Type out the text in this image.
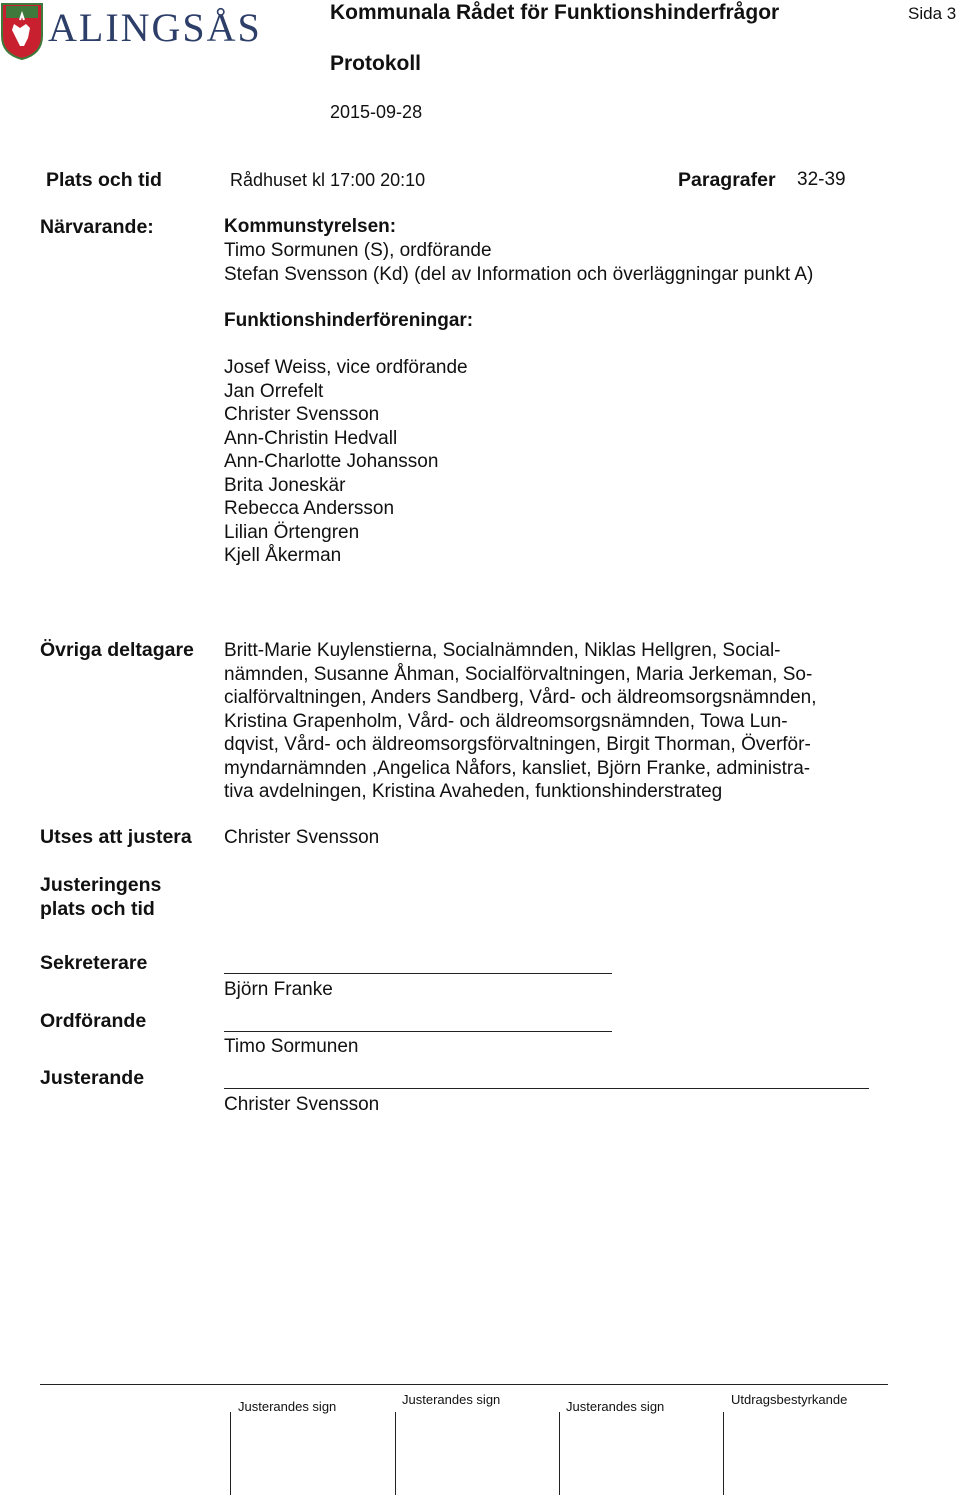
ALINGSÅS	Kommunala Rådet för Funktionshinderfrågor	Sida 3
Protokoll
2015-09-28
Plats och tid	Rådhuset kl 17:00 20:10	Paragrafer 32-39
Närvarande:	Kommunstyrelsen:
Timo Sormunen (S), ordförande
Stefan Svensson (Kd) (del av Information och överläggningar punkt A)
Funktionshinderföreningar:
Josef Weiss, vice ordförande
Jan Orrefelt
Christer Svensson
Ann-Christin Hedvall
Ann-Charlotte Johansson
Brita Joneskär
Rebecca Andersson
Lilian Örtengren
Kjell Åkerman
Övriga deltagare Britt-Marie Kuylenstierna, Socialnämnden, Niklas Hellgren, Social-
nämnden, Susanne Åhman, Socialförvaltningen, Maria Jerkeman, So-
cialförvaltningen, Anders Sandberg, Vård- och äldreomsorgsnämnden,
Kristina Grapenholm, Vård- och äldreomsorgsnämnden, Towa Lun-
dqvist, Vård- och äldreomsorgsförvaltningen, Birgit Thorman, Överför-
myndarnämnden ,Angelica Nåfors, kansliet, Björn Franke, administra-
tiva avdelningen, Kristina Avaheden, funktionshinderstrateg
Utses att justera Christer Svensson
Justeringens
plats och tid
Sekreterare
Björn Franke
Ordförande
Timo Sormunen
Justerande
Christer Svensson
Justerandes sign	Justerandes sign	Justerandes sign	Utdragsbestyrkande
